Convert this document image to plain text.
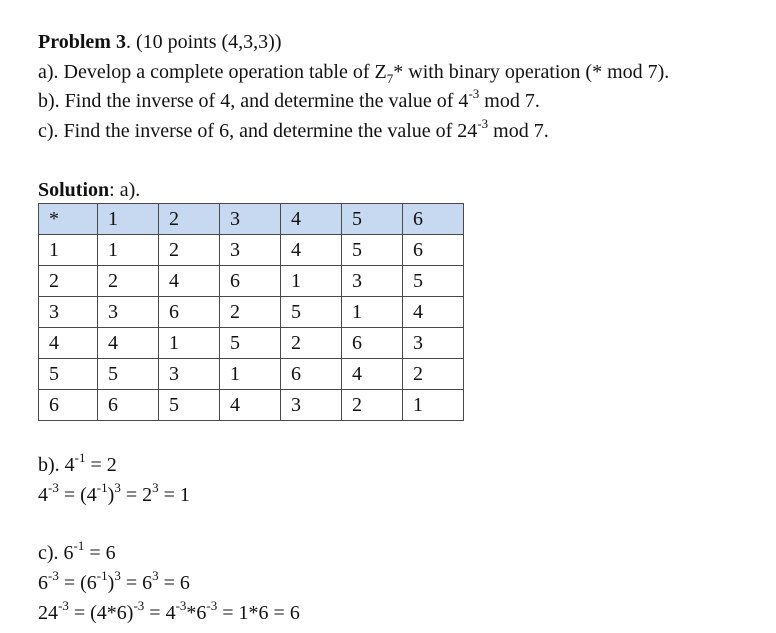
Problem 3. (10 points (4,3,3))
a). Develop a complete operation table of $Z_7*$ with binary operation (* mod 7).
b). Find the inverse of 4, and determine the value of $4^{-3}$ mod 7.
c). Find the inverse of 6, and determine the value of $24^{-3}$ mod 7.
Solution: a).
*	1	2	3	4	5	6
1	1	2	3	4	5	6
2	2	4	6	1	3	5
3	3	6	2	5	1	4
4	4	1	5	2	6	3
5	5	3	1	6	4	2
6	6	5	4	3	2	1
b). $4^{-1} = 2$
$4^{-3} = (4^{-1})^3 = 2^3 = 1$
c). $6^{-1} = 6$
$6^{-3} = (6^{-1})^3 = 6^3 = 6$
$24^{-3} = (4*6)^{-3} = 4^{-3}*6^{-3} = 1*6 = 6$
